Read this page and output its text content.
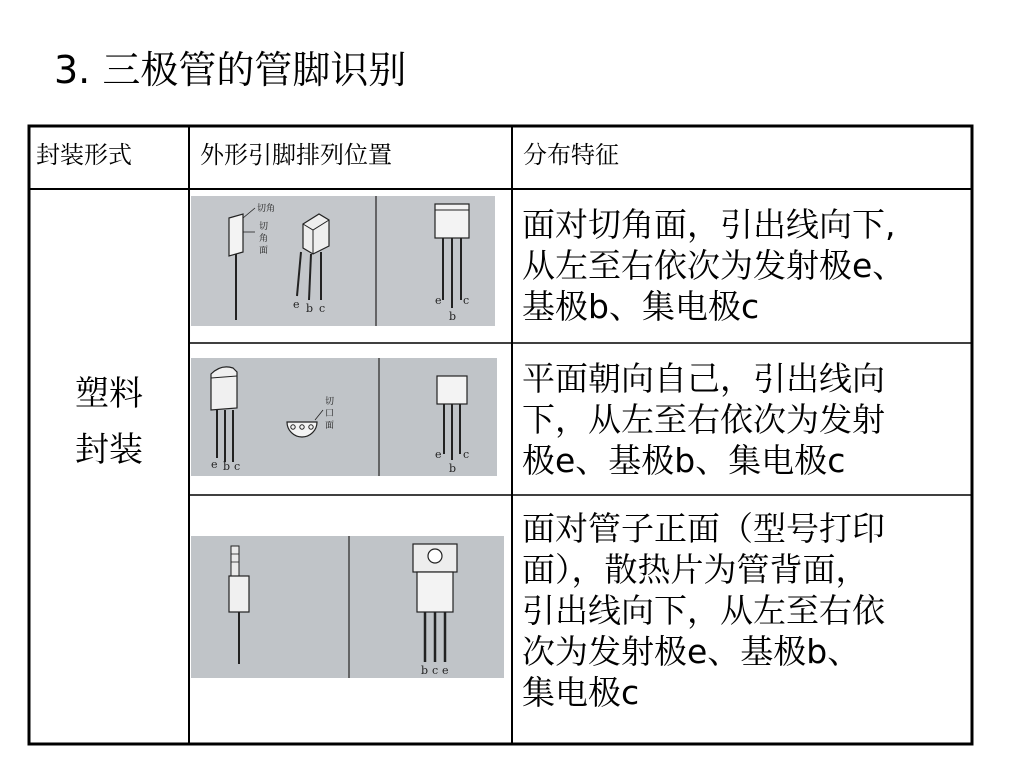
3. 三极管的管脚识别
封装形式	外形引脚排列位置	分布特征
塑料
封装
面对切角面，引出线向下,
从左至右依次为发射极e、
基极b、集电极c
平面朝向自己，引出线向
下，从左至右依次为发射
极e、基极b、集电极c
面对管子正面（型号打印
面），散热片为管背面，
引出线向下，从左至右依
次为发射极e、基极b、
集电极c
切角
切
角
面
e b c
e c
b
e b c
切
口
面
e c
b
b c e
